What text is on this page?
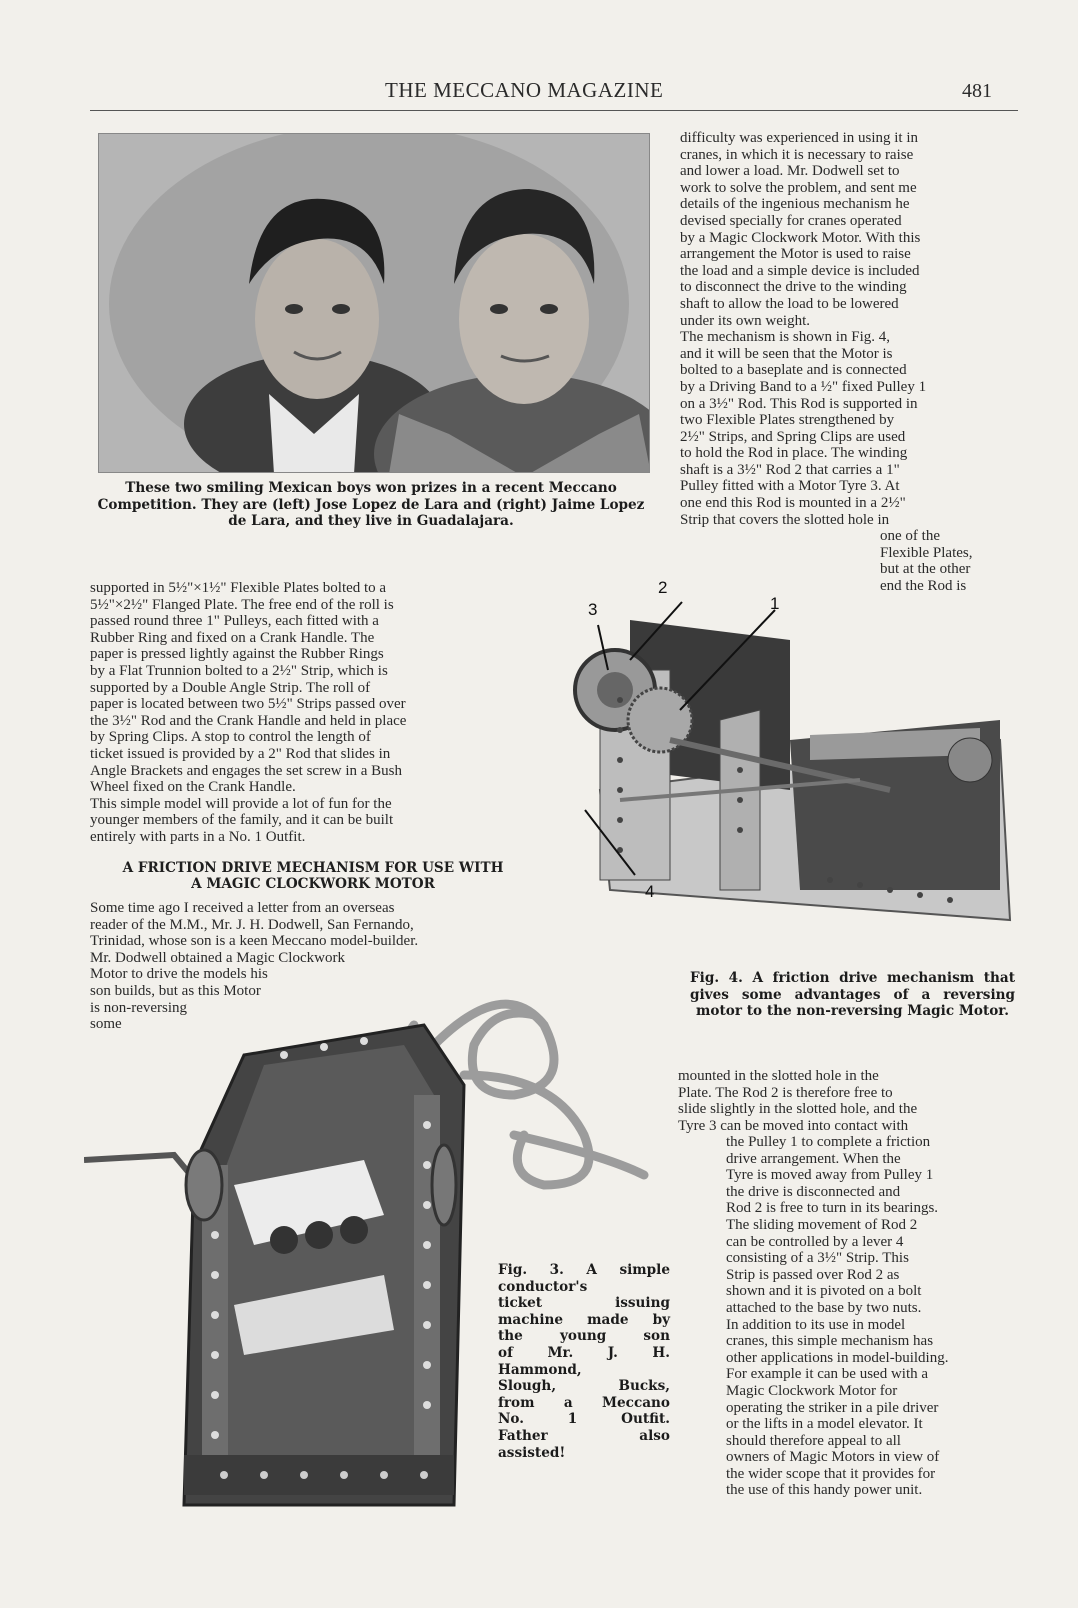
THE MECCANO MAGAZINE	481
These two smiling Mexican boys won prizes in a recent Meccano Competition. They are (left) Jose Lopez de Lara and (right) Jaime Lopez de Lara, and they live in Guadalajara.
difficulty was experienced in using it in
cranes, in which it is necessary to raise
and lower a load. Mr. Dodwell set to
work to solve the problem, and sent me
details of the ingenious mechanism he
devised specially for cranes operated
by a Magic Clockwork Motor. With this
arrangement the Motor is used to raise
the load and a simple device is included
to disconnect the drive to the winding
shaft to allow the load to be lowered
under its own weight.
The mechanism is shown in Fig. 4,
and it will be seen that the Motor is
bolted to a baseplate and is connected
by a Driving Band to a ½" fixed Pulley 1
on a 3½" Rod. This Rod is supported in
two Flexible Plates strengthened by
2½" Strips, and Spring Clips are used
to hold the Rod in place. The winding
shaft is a 3½" Rod 2 that carries a 1"
Pulley fitted with a Motor Tyre 3. At
one end this Rod is mounted in a 2½"
Strip that covers the slotted hole in
one of the
Flexible Plates,
but at the other
end the Rod is
supported in 5½"×1½" Flexible Plates bolted to a
5½"×2½" Flanged Plate. The free end of the roll is
passed round three 1" Pulleys, each fitted with a
Rubber Ring and fixed on a Crank Handle. The
paper is pressed lightly against the Rubber Rings
by a Flat Trunnion bolted to a 2½" Strip, which is
supported by a Double Angle Strip. The roll of
paper is located between two 5½" Strips passed over
the 3½" Rod and the Crank Handle and held in place
by Spring Clips. A stop to control the length of
ticket issued is provided by a 2" Rod that slides in
Angle Brackets and engages the set screw in a Bush
Wheel fixed on the Crank Handle.
This simple model will provide a lot of fun for the
younger members of the family, and it can be built
entirely with parts in a No. 1 Outfit.
A FRICTION DRIVE MECHANISM FOR USE WITH
A MAGIC CLOCKWORK MOTOR
Some time ago I received a letter from an overseas
reader of the M.M., Mr. J. H. Dodwell, San Fernando,
Trinidad, whose son is a keen Meccano model-builder.
Mr. Dodwell obtained a Magic Clockwork
Motor to drive the models his
son builds, but as this Motor
is non-reversing
some
2
1
3
4
Fig. 4. A friction drive mechanism that gives some advantages of a reversing motor to the non-reversing Magic Motor.
mounted in the slotted hole in the
Plate. The Rod 2 is therefore free to
slide slightly in the slotted hole, and the
Tyre 3 can be moved into contact with
the Pulley 1 to complete a friction
drive arrangement. When the
Tyre is moved away from Pulley 1
the drive is disconnected and
Rod 2 is free to turn in its bearings.
The sliding movement of Rod 2
can be controlled by a lever 4
consisting of a 3½" Strip. This
Strip is passed over Rod 2 as
shown and it is pivoted on a bolt
attached to the base by two nuts.
In addition to its use in model
cranes, this simple mechanism has
other applications in model-building.
For example it can be used with a
Magic Clockwork Motor for
operating the striker in a pile driver
or the lifts in a model elevator. It
should therefore appeal to all
owners of Magic Motors in view of
the wider scope that it provides for
the use of this handy power unit.
Fig. 3. A simple
conductor's
ticket issuing
machine made by
the young son
of Mr. J. H.
Hammond,
Slough, Bucks,
from a Meccano
No. 1 Outfit.
Father also
assisted!
